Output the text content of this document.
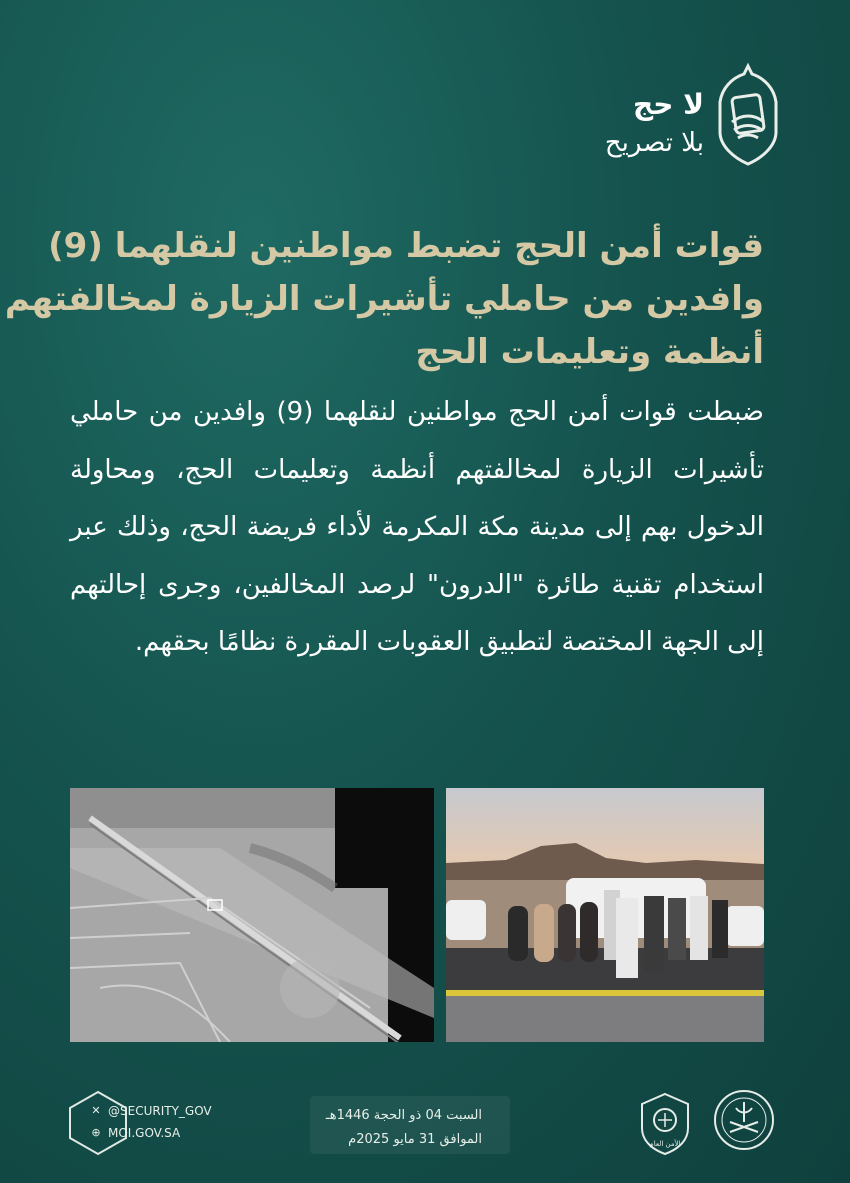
لا حج
بلا تصريح
قوات أمن الحج تضبط مواطنين لنقلهما (9)
وافدين من حاملي تأشيرات الزيارة لمخالفتهم
أنظمة وتعليمات الحج
ضبطت قوات أمن الحج مواطنين لنقلهما (9) وافدين من حاملي تأشيرات الزيارة لمخالفتهم أنظمة وتعليمات الحج، ومحاولة الدخول بهم إلى مدينة مكة المكرمة لأداء فريضة الحج، وذلك عبر استخدام تقنية طائرة "الدرون" لرصد المخالفين، وجرى إحالتهم إلى الجهة المختصة لتطبيق العقوبات المقررة نظامًا بحقهم.
✕ @SECURITY_GOV
⊕ MOI.GOV.SA
السبت 04 ذو الحجة 1446هـ
الموافق 31 مايو 2025م	الأمن العام
